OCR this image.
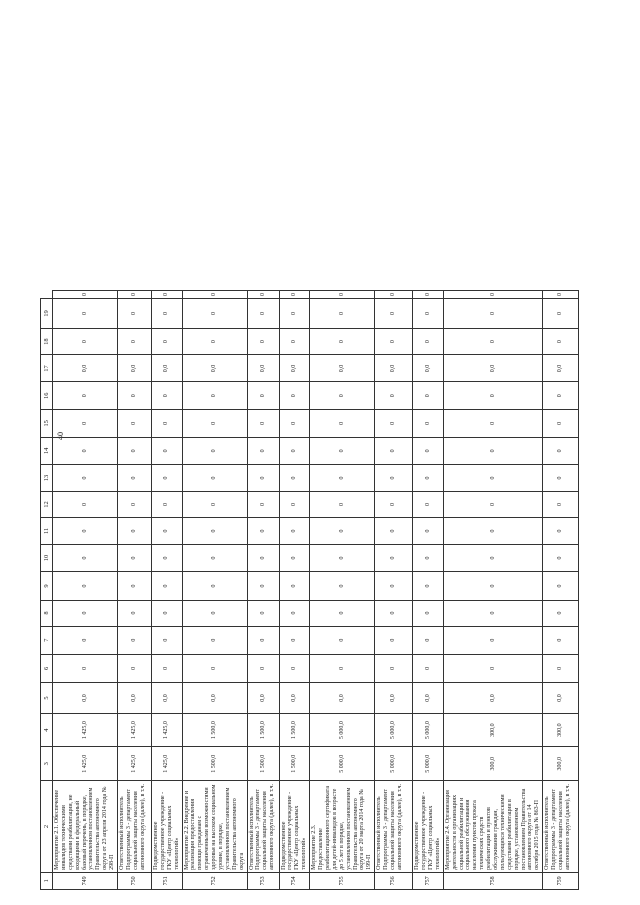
40
1	2	3	4	5	6	7	8	9	10	11	12	13	14	15	16	17	18	19	
749	Мероприятие 2.1. Обеспечение инвалидов техническими средствами реабилитации, не входящими в федеральный базовый перечень, в порядке, установленном постановлением Правительства автономного округа от 23 апреля 2014 года № 298-П	1 425,0	1 425,0	0,0	0	0	0	0	0	0	0	0	0	0	0	0,0	0	0	0
750	Ответственный исполнитель Подпрограммы 3 - департамент социальной защиты населения автономного округа (далее), в т.ч.	1 425,0	1 425,0	0,0	0	0	0	0	0	0	0	0	0	0	0	0,0	0	0	0
751	Подведомственное государственное учреждение - ГКУ «Центр социальных технологий»	1 425,0	1 425,0	0,0	0	0	0	0	0	0	0	0	0	0	0	0,0	0	0	0
752	Мероприятие 2.2. Внедрение и реализация предоставления помощи гражданам с ограниченными возможностями здоровья на высоком социальном уровне, в порядке, установленном постановлением Правительства автономного округа	1 500,0	1 500,0	0,0	0	0	0	0	0	0	0	0	0	0	0	0,0	0	0	0
753	Ответственный исполнитель Подпрограммы 3 - департамент социальной защиты населения автономного округа (далее), в т.ч.	1 500,0	1 500,0	0,0	0	0	0	0	0	0	0	0	0	0	0	0,0	0	0	0
754	Подведомственное государственное учреждение - ГКУ «Центр социальных технологий»	1 500,0	1 500,0	0,0	0	0	0	0	0	0	0	0	0	0	0	0,0	0	0	0
755	Мероприятие 2.3. Предоставление реабилитационного сертификата для детей-инвалидов в возрасте до 5 лет в порядке, установленном постановлением Правительства автономного округа от 20 марта 2014 года № 199-П	5 000,0	5 000,0	0,0	0	0	0	0	0	0	0	0	0	0	0	0,0	0	0	0
756	Ответственный исполнитель Подпрограммы 3 - департамент социальной защиты населения автономного округа (далее), в т.ч.	5 000,0	5 000,0	0,0	0	0	0	0	0	0	0	0	0	0	0	0,0	0	0	0
757	Подведомственное государственное учреждение - ГКУ «Центр социальных технологий»	5 000,0	5 000,0	0,0	0	0	0	0	0	0	0	0	0	0	0	0,0	0	0	0
758	Мероприятие 2.4. Организация деятельности в организациях социальной реабилитации и социального обслуживания населения пунктов проката технических средств реабилитации и пунктов обслуживания граждан, пользующихся техническими средствами реабилитации в порядке, установленном постановлением Правительства автономного округа от 14 октября 2015 года № 863-П	300,0	300,0	0,0	0	0	0	0	0	0	0	0	0	0	0	0,0	0	0	0
759	Ответственный исполнитель Подпрограммы 3 - департамент социальной защиты населения автономного округа (далее), в т.ч.	300,0	300,0	0,0	0	0	0	0	0	0	0	0	0	0	0	0,0	0	0	0
